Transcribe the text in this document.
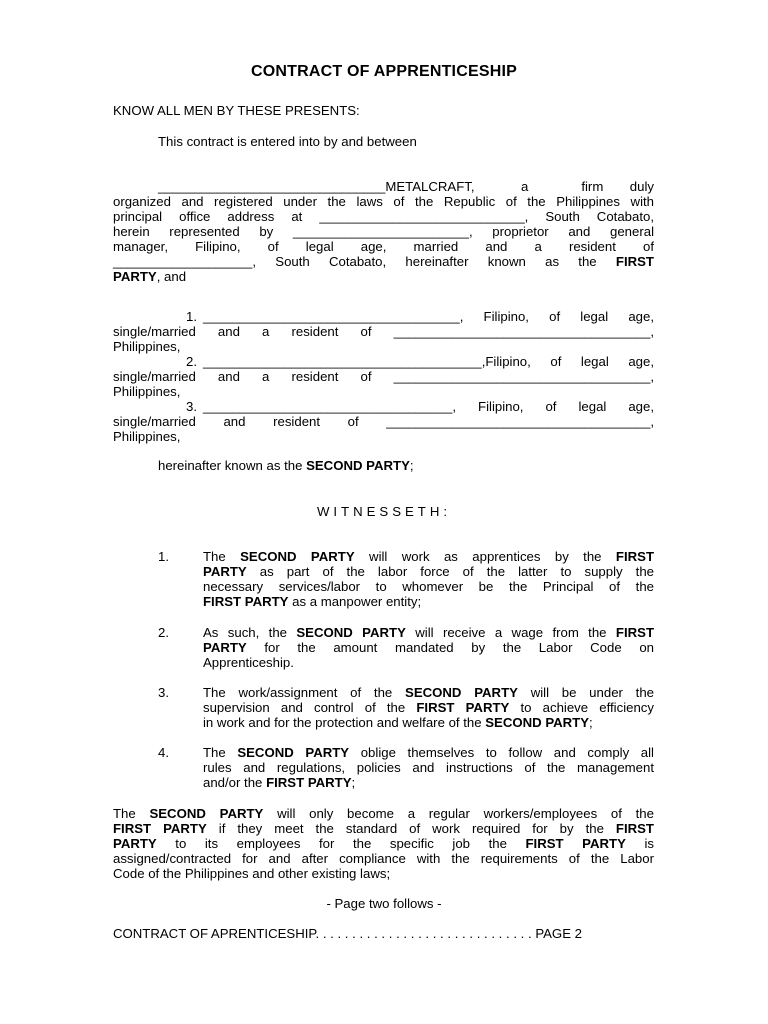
CONTRACT OF APPRENTICESHIP
KNOW ALL MEN BY THESE PRESENTS:
This contract is entered into by and between
_______________________________ METALCRAFT,	a	firm duly
organized and registered under the laws of the Republic of the Philippines with
principal office address at ____________________________, South Cotabato,
herein represented by ________________________, proprietor and general
manager, Filipino, of legal age, married and a resident of
___________________, South Cotabato, hereinafter known as the FIRST
PARTY, and
1. ___________________________________, Filipino, of legal age,
single/married and a resident of ___________________________________,
Philippines,
2. ______________________________________,Filipino, of legal age,
single/married and a resident of ___________________________________,
Philippines,
3. __________________________________, Filipino, of legal age,
single/married and resident of ____________________________________,
Philippines,
hereinafter known as the SECOND PARTY;
WITNESSETH:
1.	The SECOND PARTY will work as apprentices by the FIRST
PARTY as part of the labor force of the latter to supply the
necessary services/labor to whomever be the Principal of the
FIRST PARTY as a manpower entity;
2.	As such, the SECOND PARTY will receive a wage from the FIRST
PARTY for the amount mandated by the Labor Code on
Apprenticeship.
3.	The work/assignment of the SECOND PARTY will be under the
supervision and control of the FIRST PARTY to achieve efficiency
in work and for the protection and welfare of the SECOND PARTY;
4.	The SECOND PARTY oblige themselves to follow and comply all
rules and regulations, policies and instructions of the management
and/or the FIRST PARTY;
The SECOND PARTY will only become a regular workers/employees of the
FIRST PARTY if they meet the standard of work required for by the FIRST
PARTY to its employees for the specific job the FIRST PARTY is
assigned/contracted for and after compliance with the requirements of the Labor
Code of the Philippines and other existing laws;
- Page two follows -
CONTRACT OF APRENTICESHIP. . . . . . . . . . . . . . . . . . . . . . . . . . . . . . PAGE 2
